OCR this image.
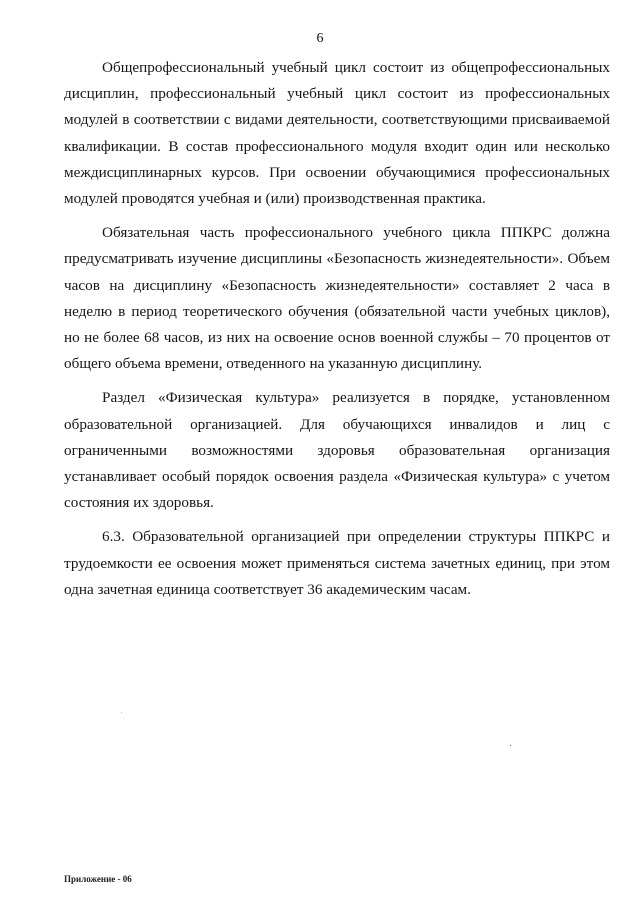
6

Общепрофессиональный учебный цикл состоит из общепрофессиональных дисциплин, профессиональный учебный цикл состоит из профессиональных модулей в соответствии с видами деятельности, соответствующими присваиваемой квалификации. В состав профессионального модуля входит один или несколько междисциплинарных курсов. При освоении обучающимися профессиональных модулей проводятся учебная и (или) производственная практика.

Обязательная часть профессионального учебного цикла ППКРС должна предусматривать изучение дисциплины «Безопасность жизнедеятельности». Объем часов на дисциплину «Безопасность жизнедеятельности» составляет 2 часа в неделю в период теоретического обучения (обязательной части учебных циклов), но не более 68 часов, из них на освоение основ военной службы – 70 процентов от общего объема времени, отведенного на указанную дисциплину.

Раздел «Физическая культура» реализуется в порядке, установленном образовательной организацией. Для обучающихся инвалидов и лиц с ограниченными возможностями здоровья образовательная организация устанавливает особый порядок освоения раздела «Физическая культура» с учетом состояния их здоровья.

6.3. Образовательной организацией при определении структуры ППКРС и трудоемкости ее освоения может применяться система зачетных единиц, при этом одна зачетная единица соответствует 36 академическим часам.

Приложение - 06
